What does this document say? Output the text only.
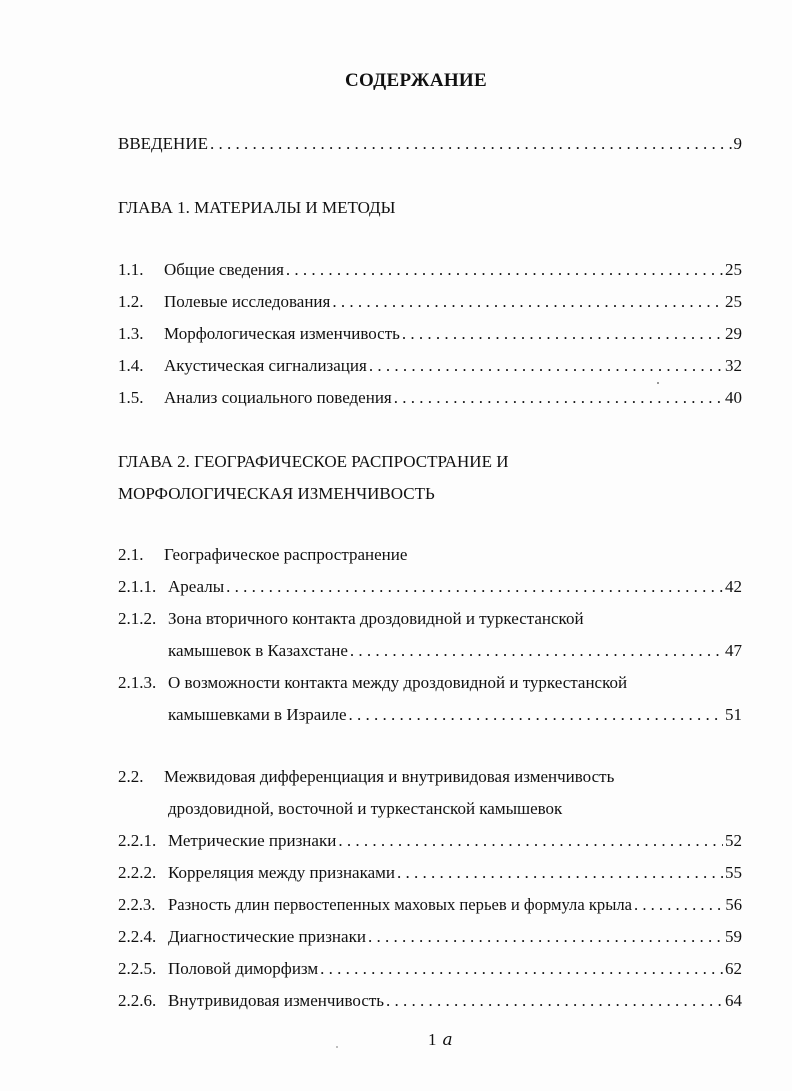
СОДЕРЖАНИЕ
ВВЕДЕНИЕ . . .	9
ГЛАВА 1. МАТЕРИАЛЫ И МЕТОДЫ
1.1.	Общие сведения . . .	25
1.2.	Полевые исследования . . .	25
1.3.	Морфологическая изменчивость . . .	29
1.4.	Акустическая сигнализация . . .	32
1.5.	Анализ социального поведения . . .	40
ГЛАВА 2. ГЕОГРАФИЧЕСКОЕ РАСПРОСТРАНИЕ И
МОРФОЛОГИЧЕСКАЯ ИЗМЕНЧИВОСТЬ
2.1.	Географическое распространение
2.1.1. Ареалы . . .	42
2.1.2. Зона вторичного контакта дроздовидной и туркестанской
камышевок в Казахстане . . .	47
2.1.3. О возможности контакта между дроздовидной и туркестанской
камышевками в Израиле . . .	51
2.2.	Межвидовая дифференциация и внутривидовая изменчивость
дроздовидной, восточной и туркестанской камышевок
2.2.1. Метрические признаки . . .	52
2.2.2. Корреляция между признаками . . .	55
2.2.3. Разность длин первостепенных маховых перьев и формула крыла . . .	56
2.2.4. Диагностические признаки . . .	59
2.2.5. Половой диморфизм . . .	62
2.2.6. Внутривидовая изменчивость . . .	64
1 a
